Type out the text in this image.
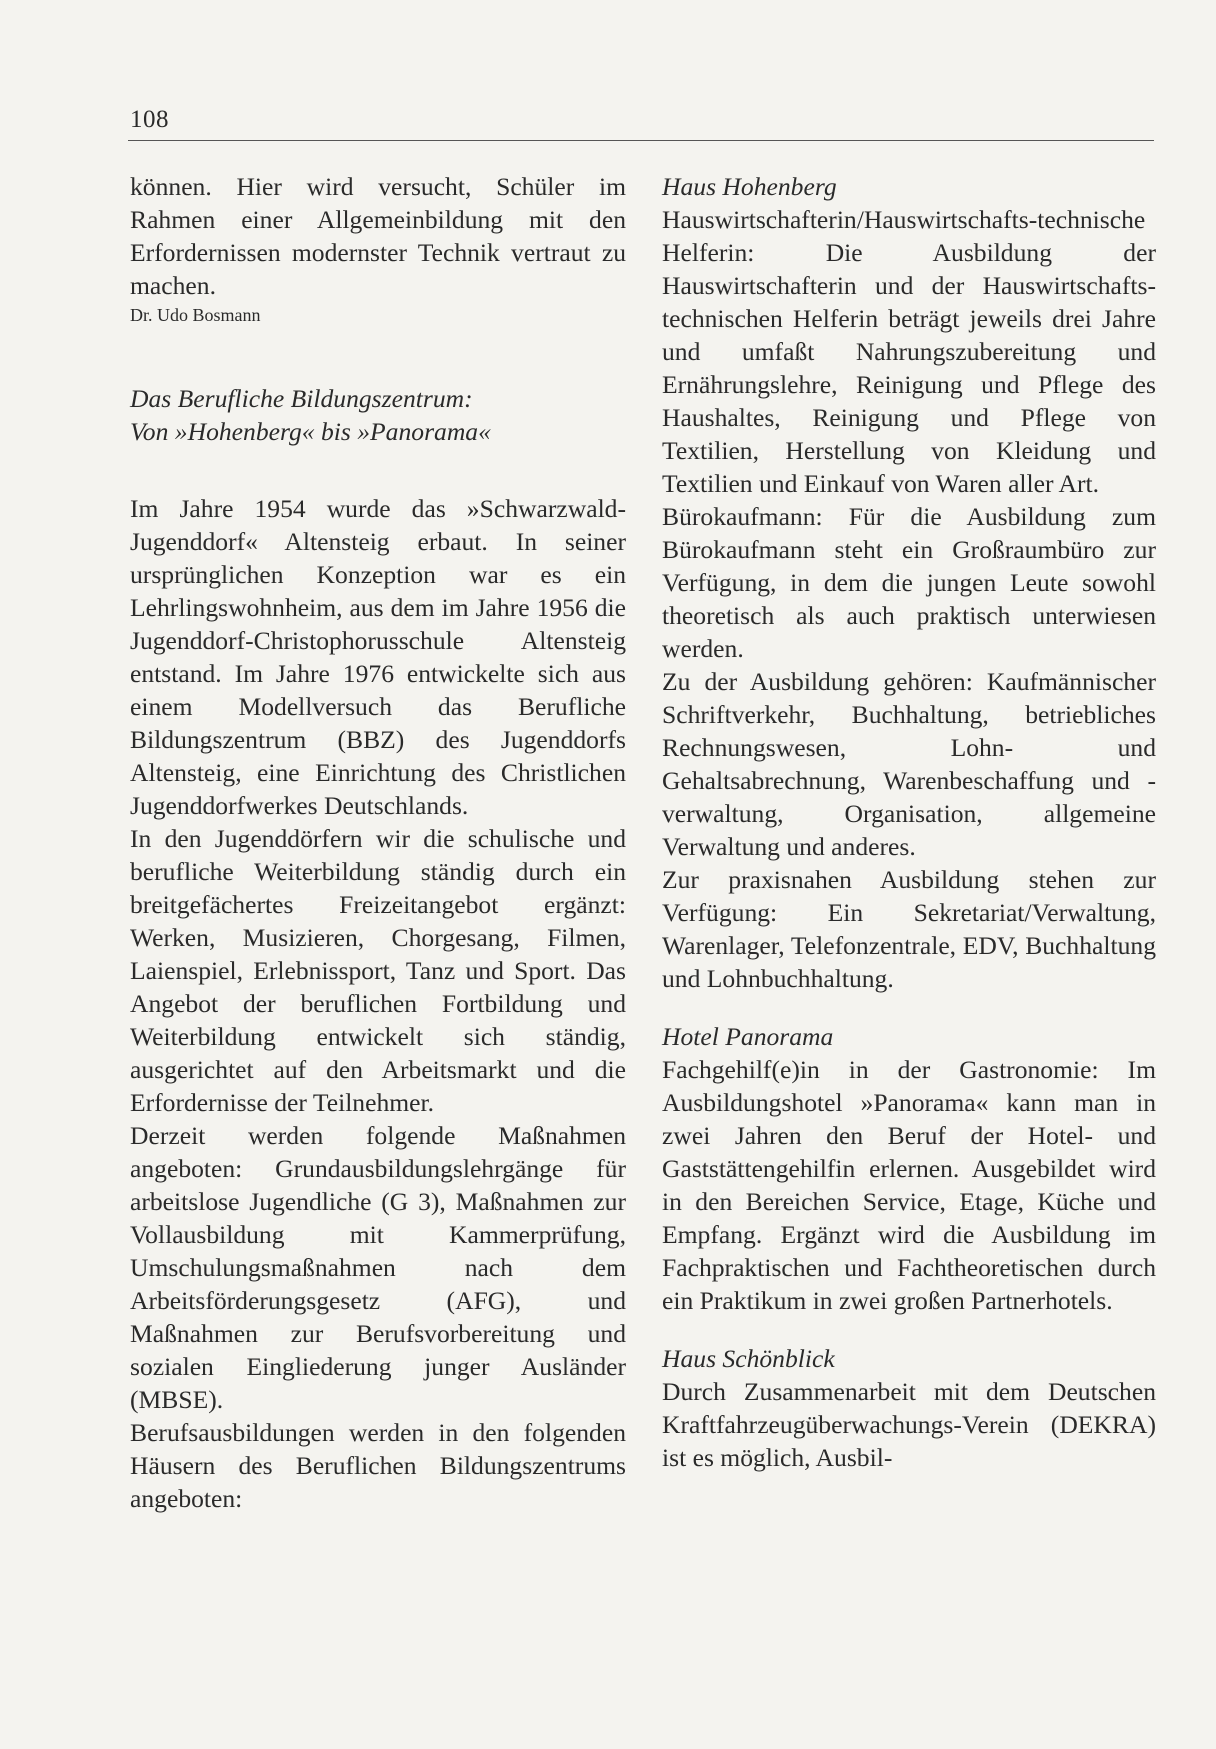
108

können. Hier wird versucht, Schüler im Rahmen einer Allgemeinbildung mit den Erfordernissen modernster Technik vertraut zu machen.

Dr. Udo Bosmann

Das Berufliche Bildungszentrum:
Von »Hohenberg« bis »Panorama«

Im Jahre 1954 wurde das »Schwarzwald-Jugenddorf« Altensteig erbaut. In seiner ursprünglichen Konzeption war es ein Lehrlingswohnheim, aus dem im Jahre 1956 die Jugenddorf-Christophorusschule Altensteig entstand. Im Jahre 1976 entwickelte sich aus einem Modellversuch das Berufliche Bildungszentrum (BBZ) des Jugenddorfs Altensteig, eine Einrichtung des Christlichen Jugenddorfwerkes Deutschlands.

In den Jugenddörfern wir die schulische und berufliche Weiterbildung ständig durch ein breitgefächertes Freizeitangebot ergänzt: Werken, Musizieren, Chorgesang, Filmen, Laienspiel, Erlebnissport, Tanz und Sport. Das Angebot der beruflichen Fortbildung und Weiterbildung entwickelt sich ständig, ausgerichtet auf den Arbeitsmarkt und die Erfordernisse der Teilnehmer.

Derzeit werden folgende Maßnahmen angeboten: Grundausbildungslehrgänge für arbeitslose Jugendliche (G 3), Maßnahmen zur Vollausbildung mit Kammerprüfung, Umschulungsmaßnahmen nach dem Arbeitsförderungsgesetz (AFG), und Maßnahmen zur Berufsvorbereitung und sozialen Eingliederung junger Ausländer (MBSE).

Berufsausbildungen werden in den folgenden Häusern des Beruflichen Bildungszentrums angeboten:

Haus Hohenberg

Hauswirtschafterin/Hauswirtschafts-technische Helferin: Die Ausbildung der Hauswirtschafterin und der Hauswirtschafts-technischen Helferin beträgt jeweils drei Jahre und umfaßt Nahrungszubereitung und Ernährungslehre, Reinigung und Pflege des Haushaltes, Reinigung und Pflege von Textilien, Herstellung von Kleidung und Textilien und Einkauf von Waren aller Art.

Bürokaufmann: Für die Ausbildung zum Bürokaufmann steht ein Großraumbüro zur Verfügung, in dem die jungen Leute sowohl theoretisch als auch praktisch unterwiesen werden.

Zu der Ausbildung gehören: Kaufmännischer Schriftverkehr, Buchhaltung, betriebliches Rechnungswesen, Lohn- und Gehaltsabrechnung, Warenbeschaffung und -verwaltung, Organisation, allgemeine Verwaltung und anderes.

Zur praxisnahen Ausbildung stehen zur Verfügung: Ein Sekretariat/Verwaltung, Warenlager, Telefonzentrale, EDV, Buchhaltung und Lohnbuchhaltung.

Hotel Panorama

Fachgehilf(e)in in der Gastronomie: Im Ausbildungshotel »Panorama« kann man in zwei Jahren den Beruf der Hotel- und Gaststättengehilfin erlernen. Ausgebildet wird in den Bereichen Service, Etage, Küche und Empfang. Ergänzt wird die Ausbildung im Fachpraktischen und Fachtheoretischen durch ein Praktikum in zwei großen Partnerhotels.

Haus Schönblick

Durch Zusammenarbeit mit dem Deutschen Kraftfahrzeugüberwachungs-Verein (DEKRA) ist es möglich, Ausbil-
